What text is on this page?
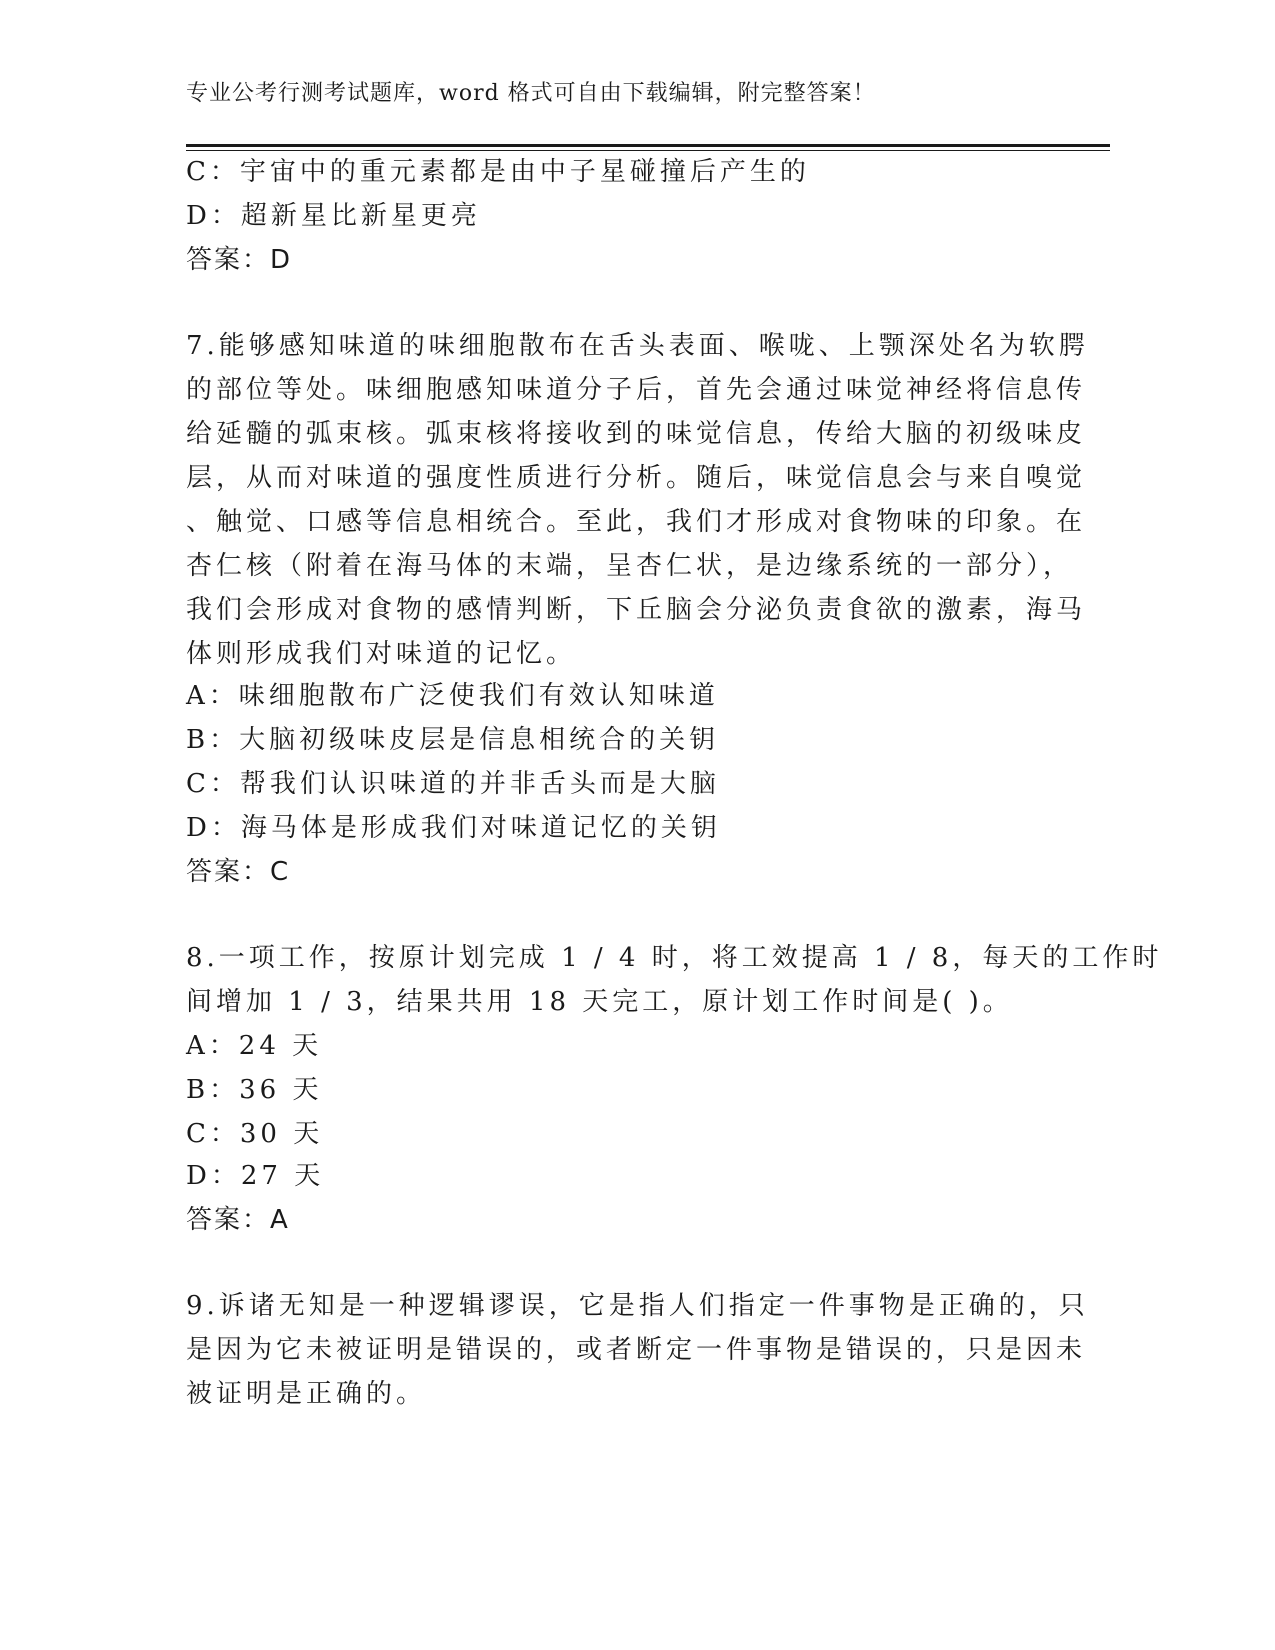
专业公考行测考试题库，word 格式可自由下载编辑，附完整答案！
C：宇宙中的重元素都是由中子星碰撞后产生的
D：超新星比新星更亮
答案：D
7.能够感知味道的味细胞散布在舌头表面、喉咙、上颚深处名为软腭
的部位等处。味细胞感知味道分子后，首先会通过味觉神经将信息传
给延髓的弧束核。弧束核将接收到的味觉信息，传给大脑的初级味皮
层，从而对味道的强度性质进行分析。随后，味觉信息会与来自嗅觉
、触觉、口感等信息相统合。至此，我们才形成对食物味的印象。在
杏仁核（附着在海马体的末端，呈杏仁状，是边缘系统的一部分），
我们会形成对食物的感情判断，下丘脑会分泌负责食欲的激素，海马
体则形成我们对味道的记忆。
A：味细胞散布广泛使我们有效认知味道
B：大脑初级味皮层是信息相统合的关钥
C：帮我们认识味道的并非舌头而是大脑
D：海马体是形成我们对味道记忆的关钥
答案：C
8.一项工作，按原计划完成 1 / 4 时，将工效提高 1 / 8，每天的工作时
间增加 1 / 3，结果共用 18 天完工，原计划工作时间是( )。
A：24 天
B：36 天
C：30 天
D：27 天
答案：A
9.诉诸无知是一种逻辑谬误，它是指人们指定一件事物是正确的，只
是因为它未被证明是错误的，或者断定一件事物是错误的，只是因未
被证明是正确的。
